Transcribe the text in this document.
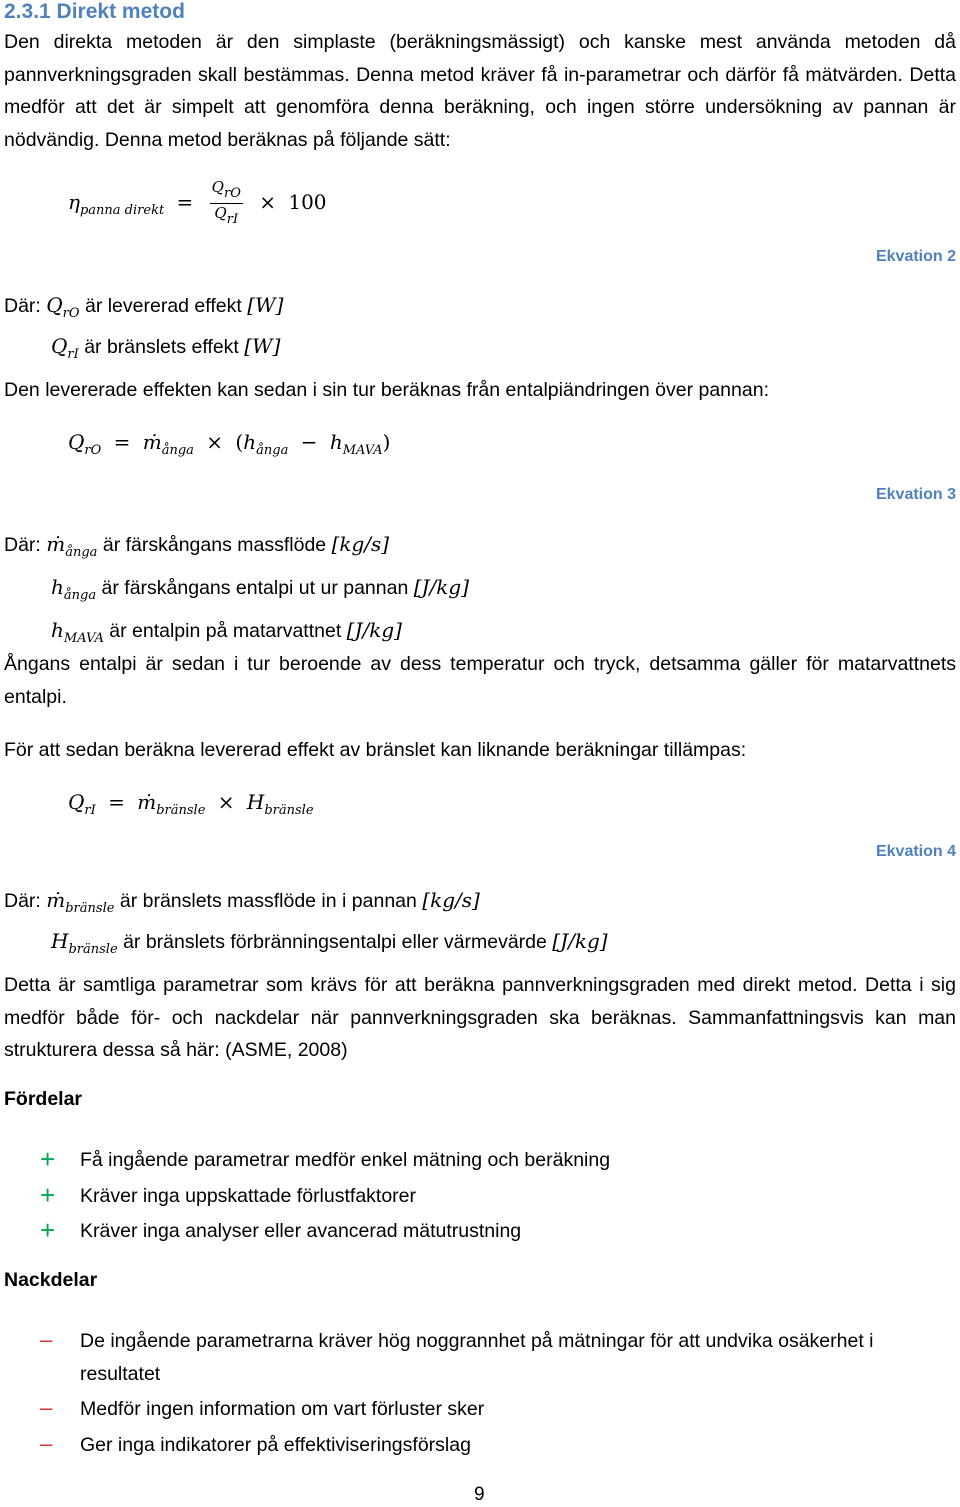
2.3.1 Direkt metod
Den direkta metoden är den simplaste (beräkningsmässigt) och kanske mest använda metoden då pannverkningsgraden skall bestämmas. Denna metod kräver få in-parametrar och därför få mätvärden. Detta medför att det är simpelt att genomföra denna beräkning, och ingen större undersökning av pannan är nödvändig. Denna metod beräknas på följande sätt:
$\eta_{panna direkt} = \frac{Q_{rO}}{Q_{rI}} \times 100$
Ekvation 2
Där: $Q_{rO}$ är levererad effekt [W]
$Q_{rI}$ är bränslets effekt [W]
Den levererade effekten kan sedan i sin tur beräknas från entalpiändringen över pannan:
$Q_{rO}$ = ṁ$_{ånga}$ × $(h_{ånga} - h_{MAVA})$
Ekvation 3
Där: ṁ$_{ånga}$ är färskångans massflöde [kg/s]
$h_{ånga}$ är färskångans entalpi ut ur pannan [J/kg]
$h_{MAVA}$ är entalpin på matarvattnet [J/kg]
Ångans entalpi är sedan i tur beroende av dess temperatur och tryck, detsamma gäller för matarvattnets entalpi.
För att sedan beräkna levererad effekt av bränslet kan liknande beräkningar tillämpas:
$Q_{rI}$ = ṁ$_{bränsle}$ × $H_{bränsle}$
Ekvation 4
Där: ṁ$_{bränsle}$ är bränslets massflöde in i pannan [kg/s]
$H_{bränsle}$ är bränslets förbränningsentalpi eller värmevärde [J/kg]
Detta är samtliga parametrar som krävs för att beräkna pannverkningsgraden med direkt metod. Detta i sig medför både för- och nackdelar när pannverkningsgraden ska beräknas. Sammanfattningsvis kan man strukturera dessa så här: (ASME, 2008)
Fördelar
+ Få ingående parametrar medför enkel mätning och beräkning
+ Kräver inga uppskattade förlustfaktorer
+ Kräver inga analyser eller avancerad mätutrustning
Nackdelar
–	De ingående parametrarna kräver hög noggrannhet på mätningar för att undvika osäkerhet i resultatet
–	Medför ingen information om vart förluster sker
–	Ger inga indikatorer på effektiviseringsförslag
9
